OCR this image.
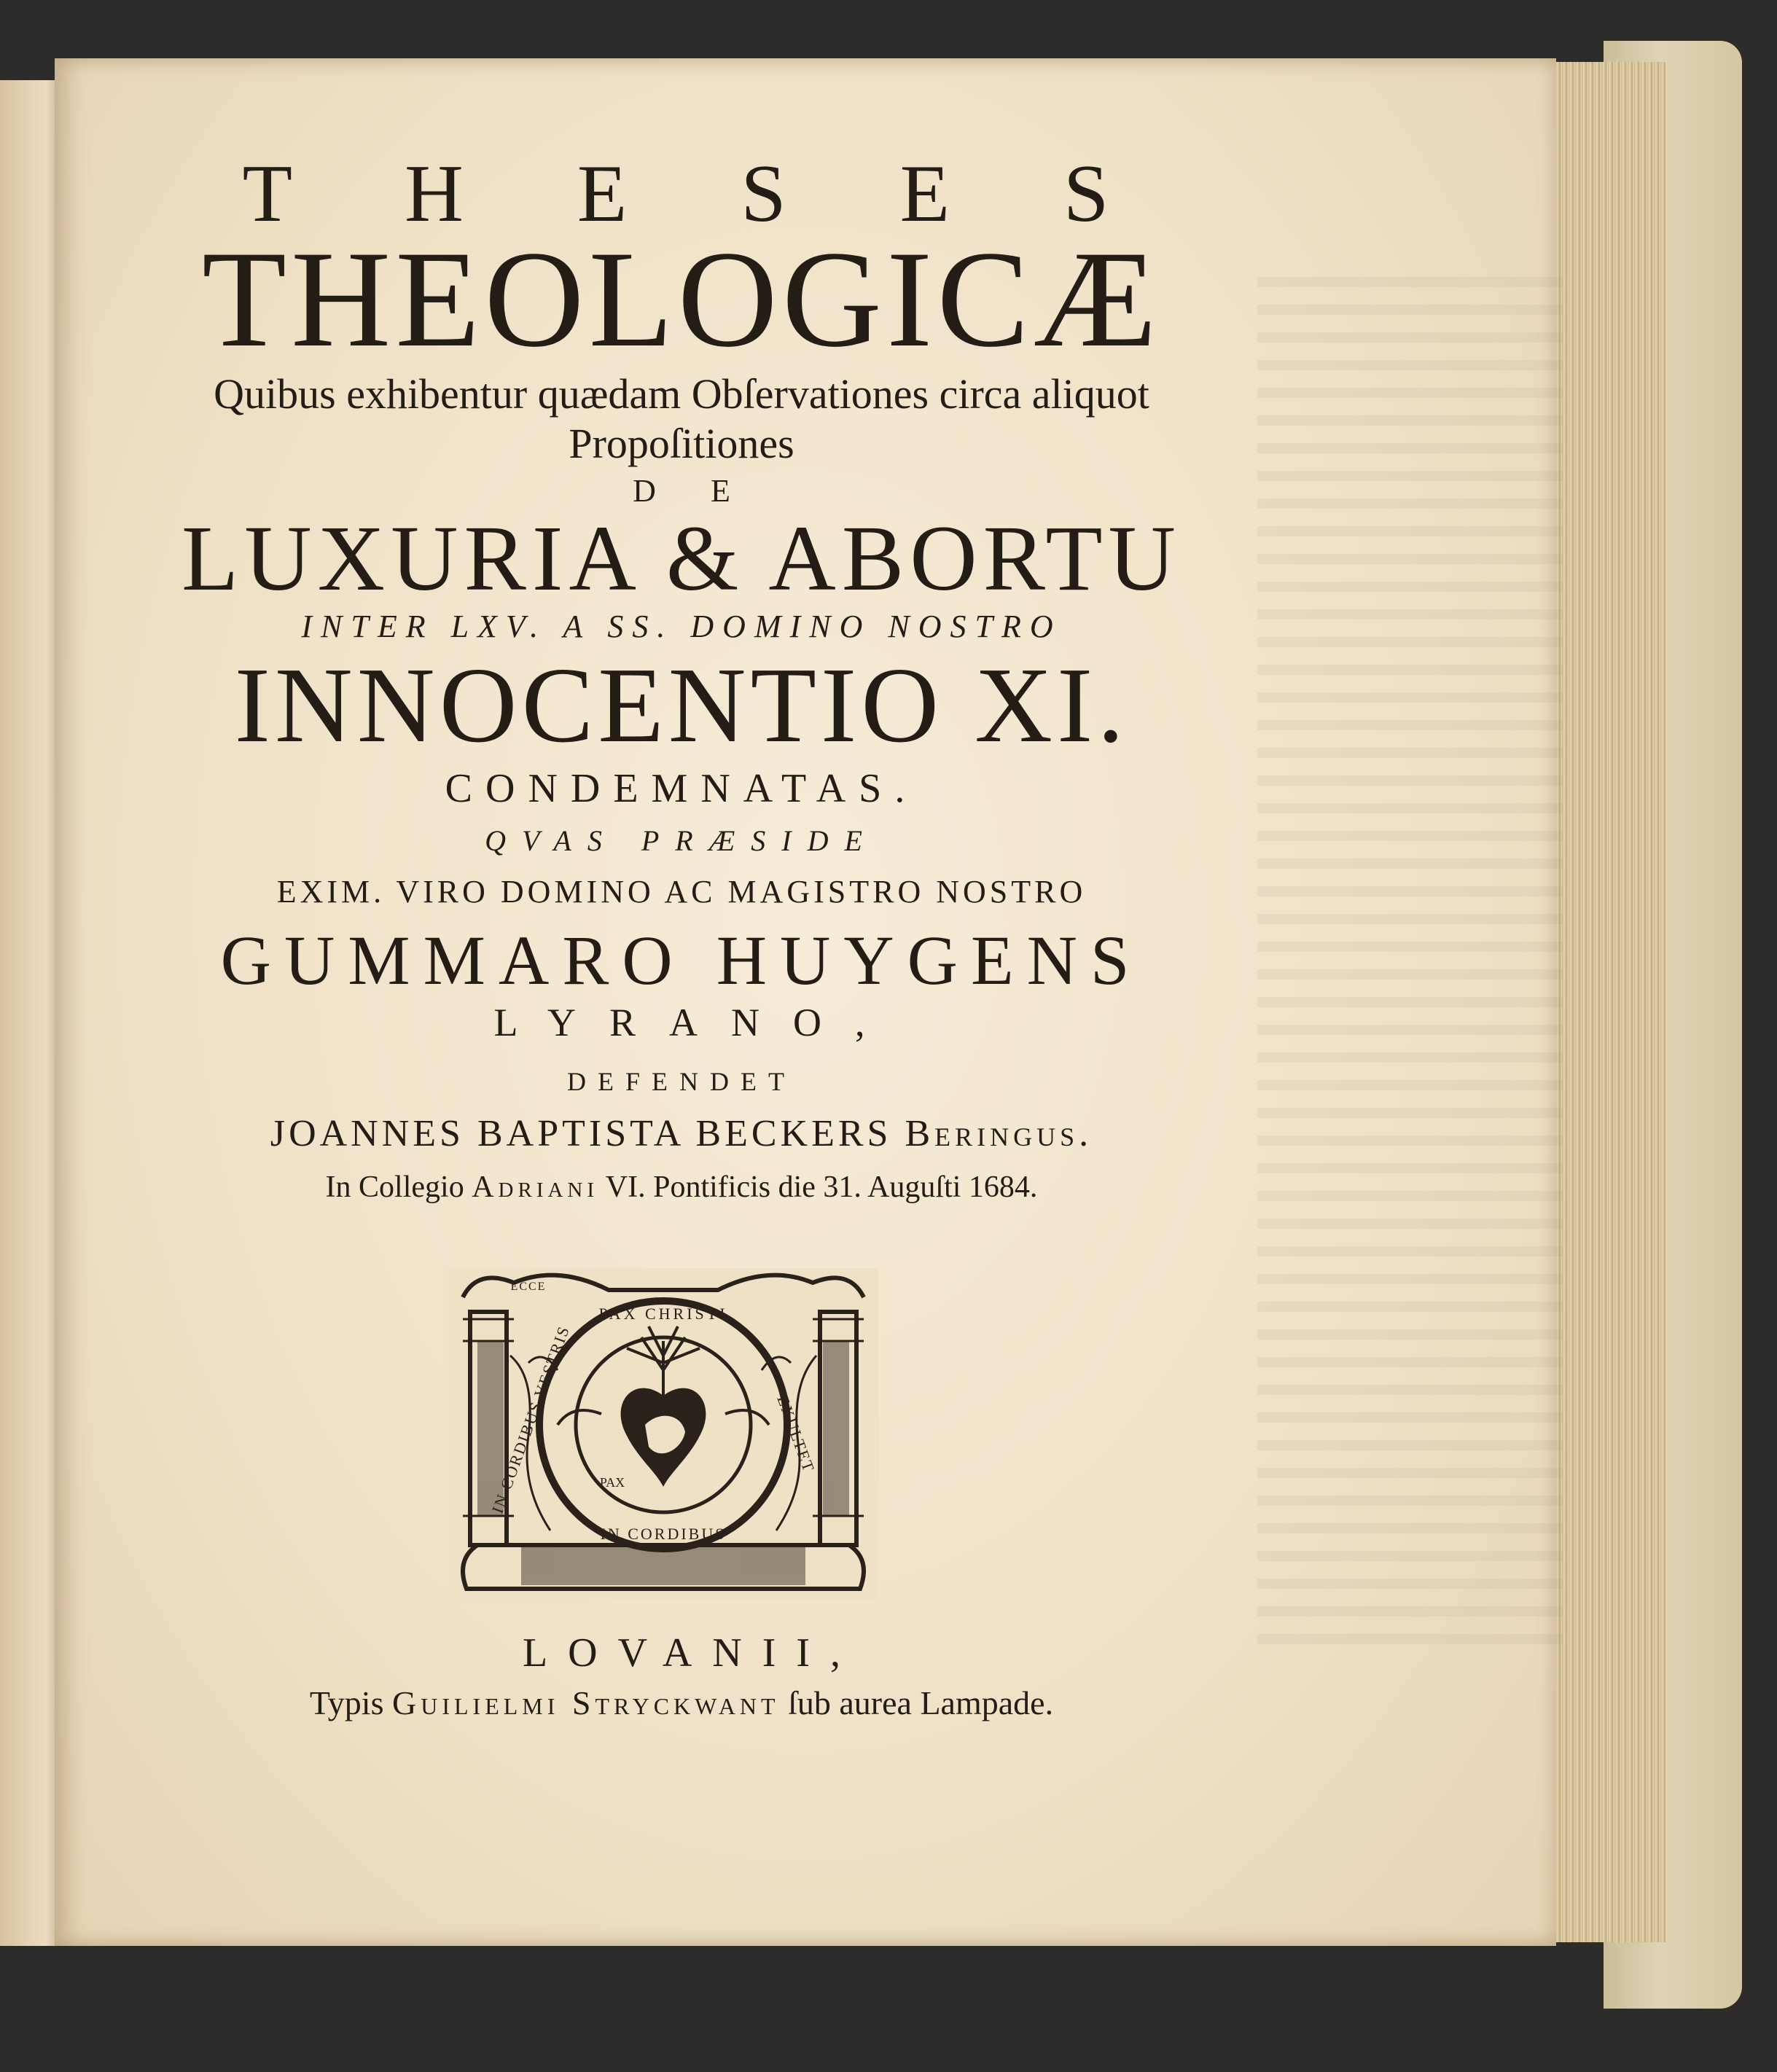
T H E S E S
THEOLOGICÆ
Quibus exhibentur quædam Obſervationes circa aliquot
Propoſitiones
D E
LUXURIA & ABORTU
INTER LXV. A SS. DOMINO NOSTRO
INNOCENTIO XI.
CONDEMNATAS.
QVAS PRÆSIDE
EXIM. VIRO DOMINO AC MAGISTRO NOSTRO
GUMMARO HUYGENS
LYRANO,
DEFENDET
JOANNES BAPTISTA BECKERS Beringus.
In Collegio Adriani VI. Pontificis die 31. Auguſti 1684.
PAX CHRISTI
IN CORDIBUS VESTRIS	EXULTET
IN CORDIBUS
PAX
ECCE
LOVANII,
Typis Guilielmi Stryckwant ſub aurea Lampade.
